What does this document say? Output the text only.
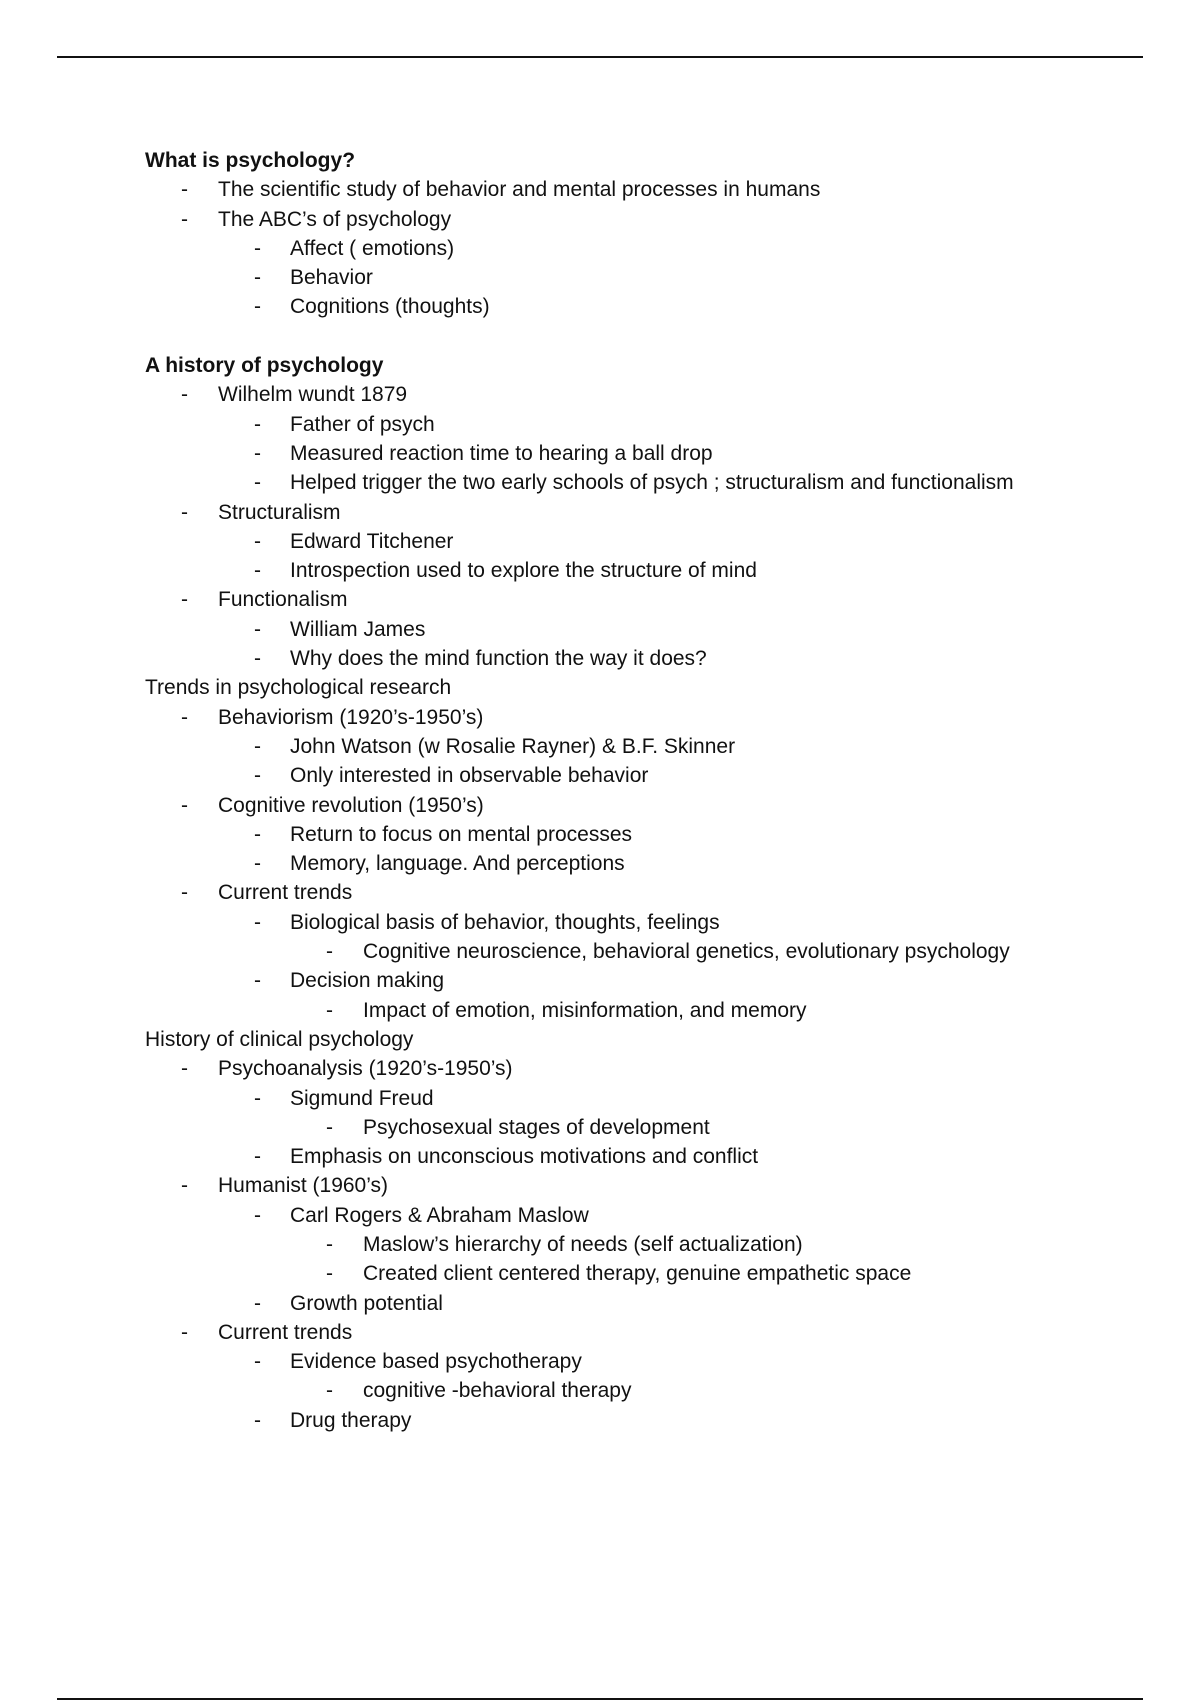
What is psychology?
- The scientific study of behavior and mental processes in humans
- The ABC’s of psychology
- Affect ( emotions)
- Behavior
- Cognitions (thoughts)
A history of psychology
- Wilhelm wundt 1879
- Father of psych
- Measured reaction time to hearing a ball drop
- Helped trigger the two early schools of psych ; structuralism and functionalism
- Structuralism
- Edward Titchener
- Introspection used to explore the structure of mind
- Functionalism
- William James
- Why does the mind function the way it does?
Trends in psychological research
- Behaviorism (1920’s-1950’s)
- John Watson (w Rosalie Rayner) & B.F. Skinner
- Only interested in observable behavior
- Cognitive revolution (1950’s)
- Return to focus on mental processes
- Memory, language. And perceptions
- Current trends
- Biological basis of behavior, thoughts, feelings
- Cognitive neuroscience, behavioral genetics, evolutionary psychology
- Decision making
- Impact of emotion, misinformation, and memory
History of clinical psychology
- Psychoanalysis (1920’s-1950’s)
- Sigmund Freud
- Psychosexual stages of development
- Emphasis on unconscious motivations and conflict
- Humanist (1960’s)
- Carl Rogers & Abraham Maslow
- Maslow’s hierarchy of needs (self actualization)
- Created client centered therapy, genuine empathetic space
- Growth potential
- Current trends
- Evidence based psychotherapy
- cognitive -behavioral therapy
- Drug therapy
